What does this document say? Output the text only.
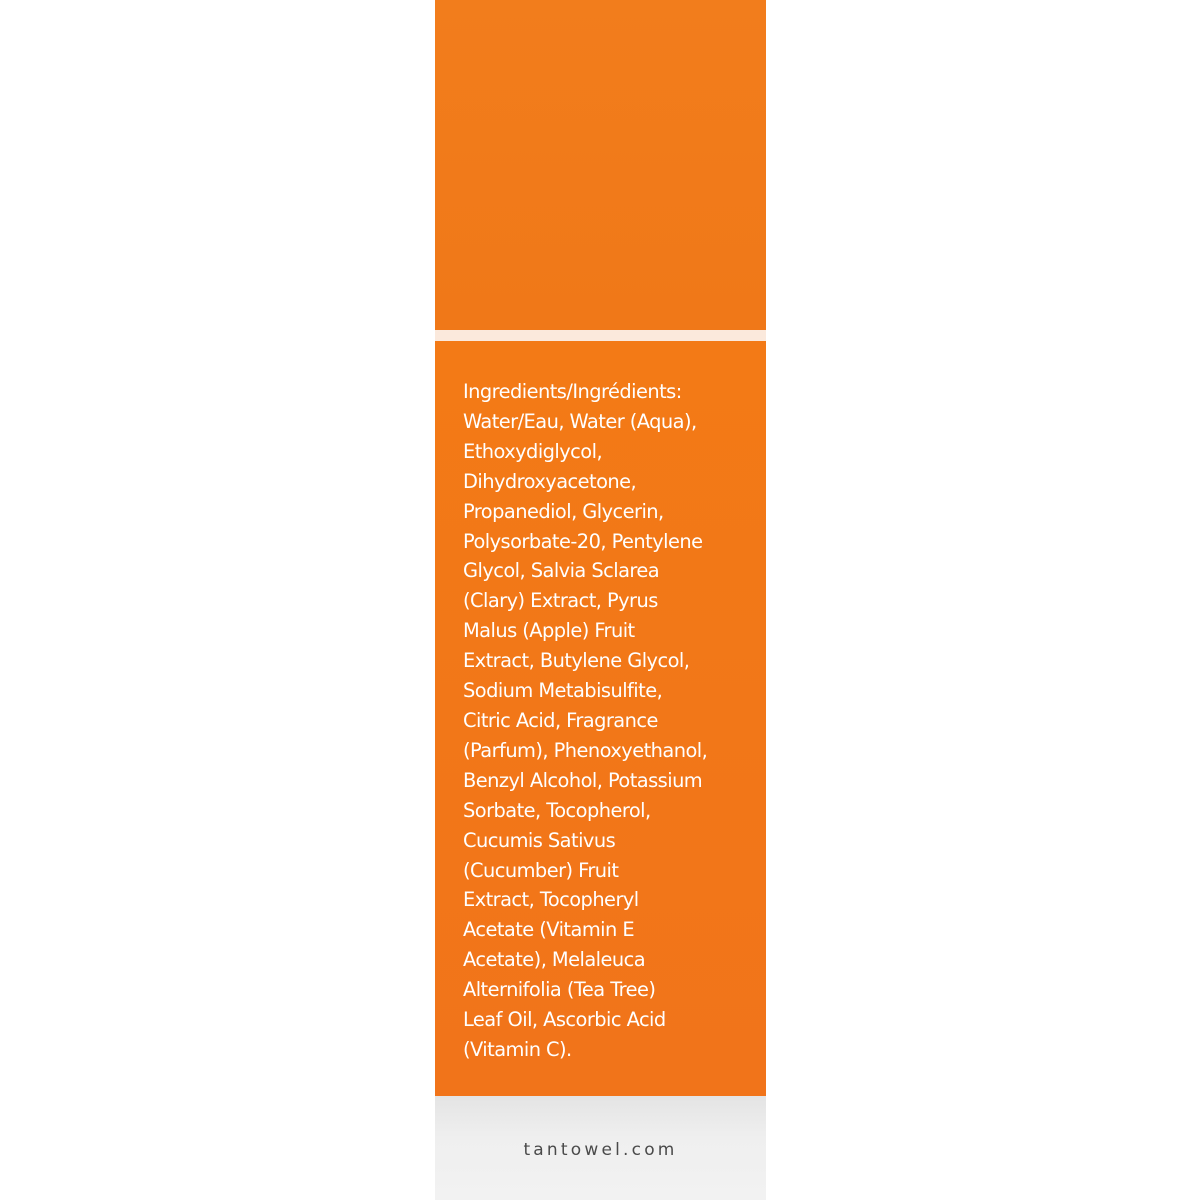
Ingredients/Ingrédients:
Water/Eau, Water (Aqua),
Ethoxydiglycol,
Dihydroxyacetone,
Propanediol, Glycerin,
Polysorbate-20, Pentylene
Glycol, Salvia Sclarea
(Clary) Extract, Pyrus
Malus (Apple) Fruit
Extract, Butylene Glycol,
Sodium Metabisulfite,
Citric Acid, Fragrance
(Parfum), Phenoxyethanol,
Benzyl Alcohol, Potassium
Sorbate, Tocopherol,
Cucumis Sativus
(Cucumber) Fruit
Extract, Tocopheryl
Acetate (Vitamin E
Acetate), Melaleuca
Alternifolia (Tea Tree)
Leaf Oil, Ascorbic Acid
(Vitamin C).

tantowel.com
